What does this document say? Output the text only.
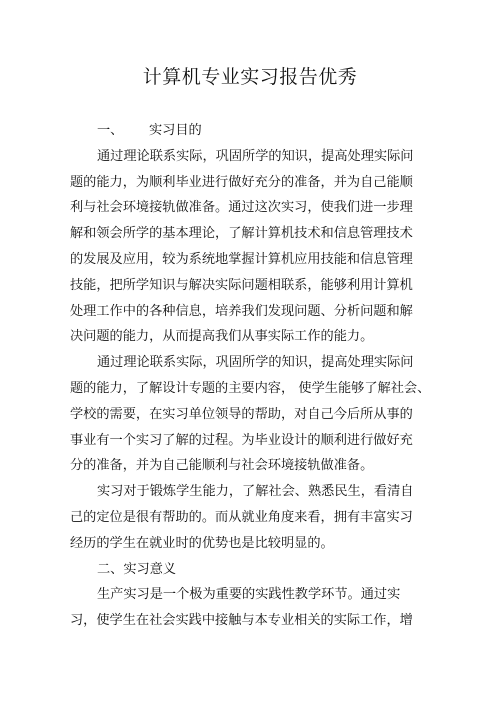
计算机专业实习报告优秀
一、 实习目的
通过理论联系实际，巩固所学的知识，提高处理实际问
题的能力，为顺利毕业进行做好充分的准备，并为自己能顺
利与社会环境接轨做准备。通过这次实习，使我们进一步理
解和领会所学的基本理论，了解计算机技术和信息管理技术
的发展及应用，较为系统地掌握计算机应用技能和信息管理
技能，把所学知识与解决实际问题相联系，能够利用计算机
处理工作中的各种信息，培养我们发现问题、分析问题和解
决问题的能力，从而提高我们从事实际工作的能力。
通过理论联系实际，巩固所学的知识，提高处理实际问
题的能力，了解设计专题的主要内容， 使学生能够了解社会、
学校的需要，在实习单位领导的帮助，对自己今后所从事的
事业有一个实习了解的过程。为毕业设计的顺利进行做好充
分的准备，并为自己能顺利与社会环境接轨做准备。
实习对于锻炼学生能力，了解社会、熟悉民生，看清自
己的定位是很有帮助的。而从就业角度来看，拥有丰富实习
经历的学生在就业时的优势也是比较明显的。
二、实习意义
生产实习是一个极为重要的实践性教学环节。通过实
习，使学生在社会实践中接触与本专业相关的实际工作，增
